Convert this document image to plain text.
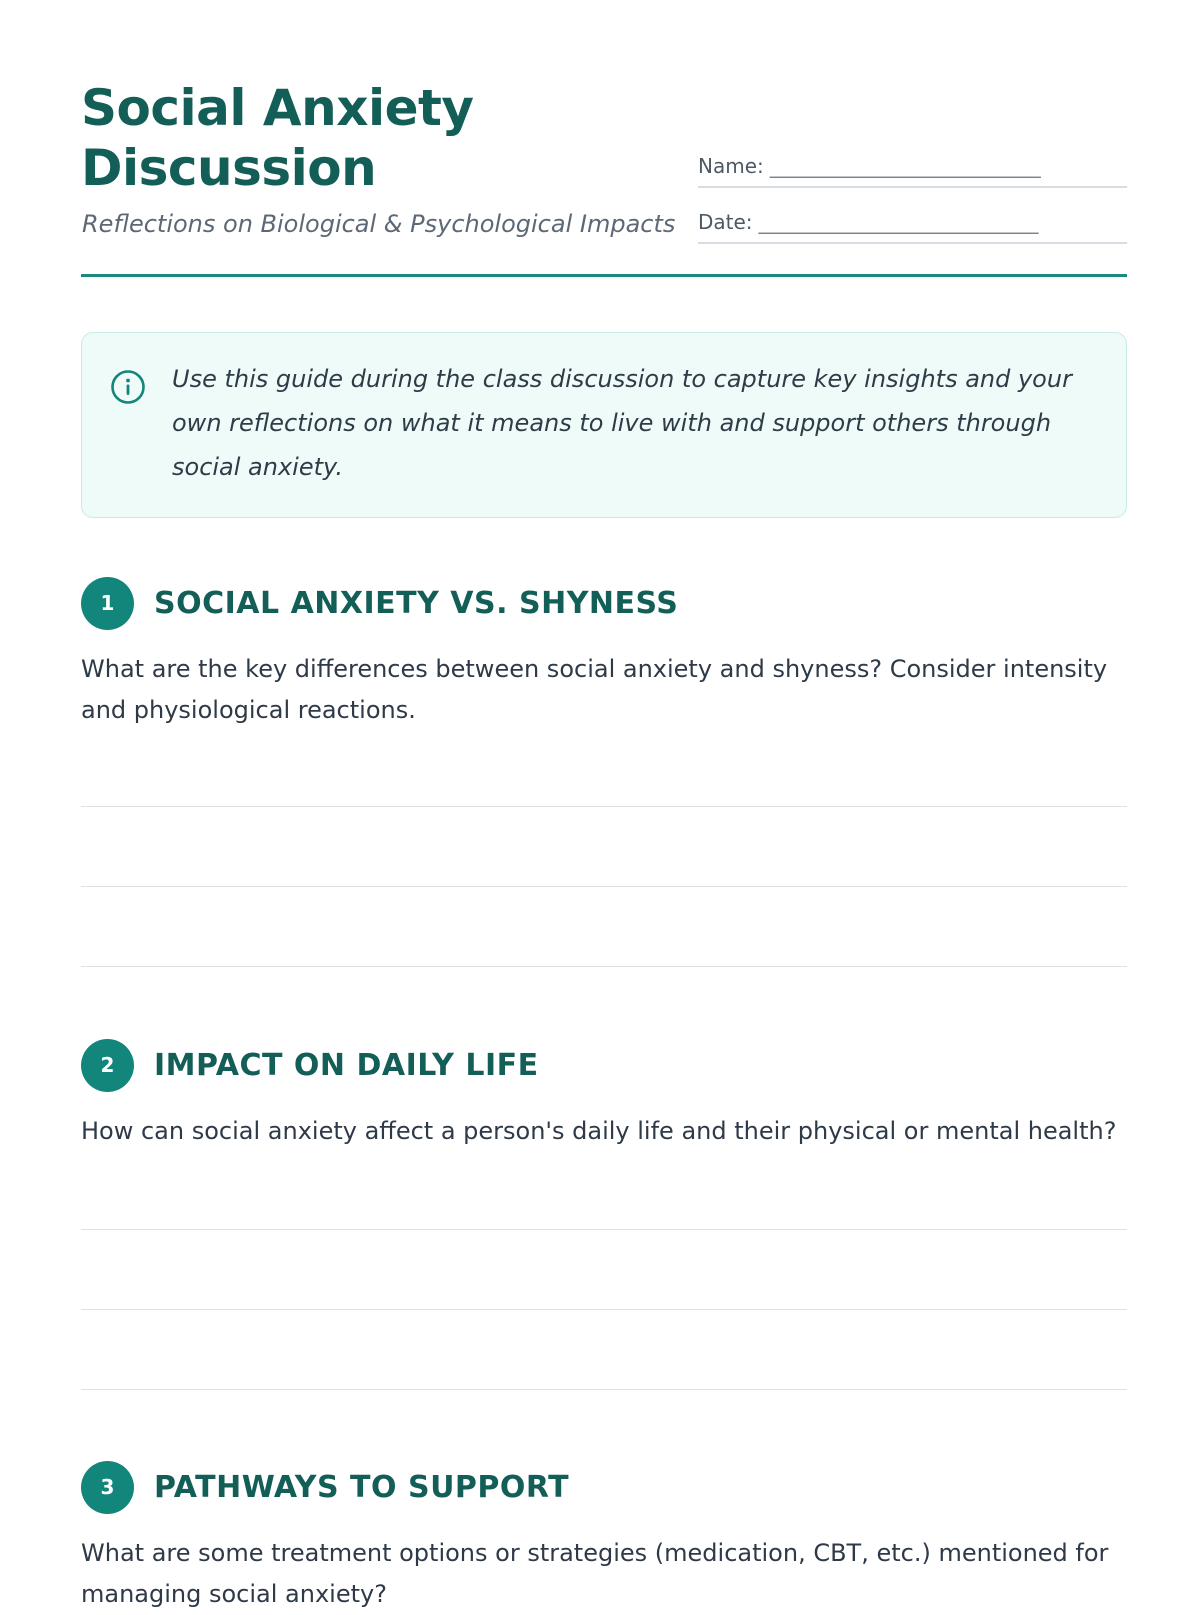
Social Anxiety Discussion
Reflections on Biological & Psychological Impacts
Name: ______________________________
Date: _______________________________

Use this guide during the class discussion to capture key insights and your own reflections on what it means to live with and support others through social anxiety.

1	SOCIAL ANXIETY VS. SHYNESS

What are the key differences between social anxiety and shyness? Consider intensity and physiological reactions.

2	IMPACT ON DAILY LIFE

How can social anxiety affect a person's daily life and their physical or mental health?

3	PATHWAYS TO SUPPORT

What are some treatment options or strategies (medication, CBT, etc.) mentioned for managing social anxiety?
